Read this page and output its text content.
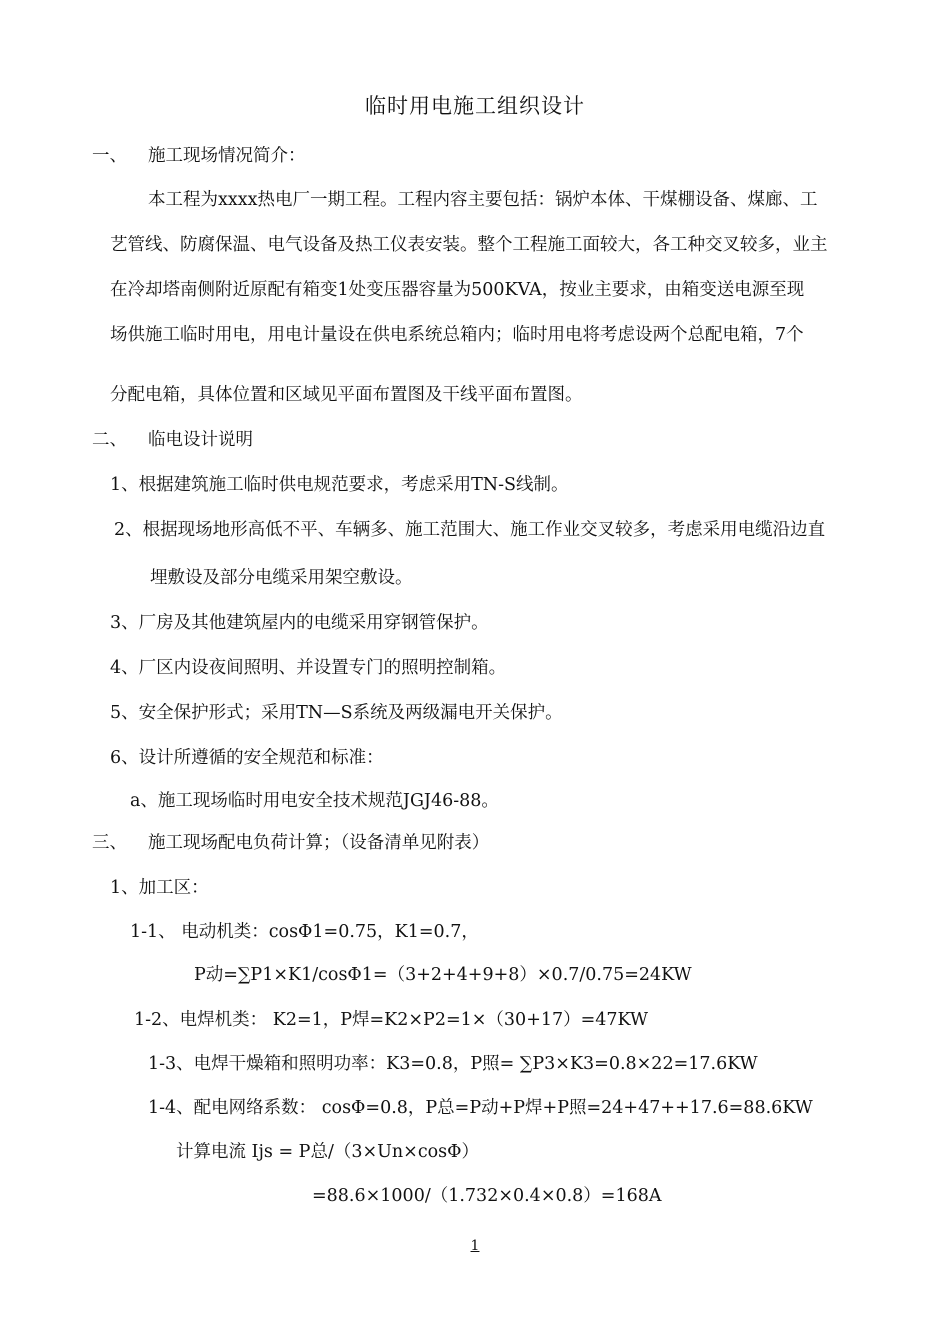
临时用电施工组织设计
一、 施工现场情况简介：
本工程为xxxx热电厂一期工程。工程内容主要包括：锅炉本体、干煤棚设备、煤廊、工
艺管线、防腐保温、电气设备及热工仪表安装。整个工程施工面较大，各工种交叉较多，业主
在冷却塔南侧附近原配有箱变1处变压器容量为500KVA，按业主要求，由箱变送电源至现
场供施工临时用电，用电计量设在供电系统总箱内；临时用电将考虑设两个总配电箱，7个
分配电箱，具体位置和区域见平面布置图及干线平面布置图。
二、 临电设计说明
1、根据建筑施工临时供电规范要求，考虑采用TN-S线制。
2、根据现场地形高低不平、车辆多、施工范围大、施工作业交叉较多，考虑采用电缆沿边直
埋敷设及部分电缆采用架空敷设。
3、厂房及其他建筑屋内的电缆采用穿钢管保护。
4、厂区内设夜间照明、并设置专门的照明控制箱。
5、安全保护形式；采用TN—S系统及两级漏电开关保护。
6、设计所遵循的安全规范和标准：
a、施工现场临时用电安全技术规范JGJ46-88。
三、 施工现场配电负荷计算；（设备清单见附表）
1、加工区：
1-1、 电动机类：cosΦ1=0.75，K1=0.7，
P动=∑P1×K1/cosΦ1=（3+2+4+9+8）×0.7/0.75=24KW
1-2、电焊机类： K2=1，P焊=K2×P2=1×（30+17）=47KW
1-3、电焊干燥箱和照明功率：K3=0.8，P照= ∑P3×K3=0.8×22=17.6KW
1-4、配电网络系数： cosΦ=0.8，P总=P动+P焊+P照=24+47++17.6=88.6KW
计算电流 Ijs = P总/（3×Un×cosΦ）
=88.6×1000/（1.732×0.4×0.8）=168A
1
